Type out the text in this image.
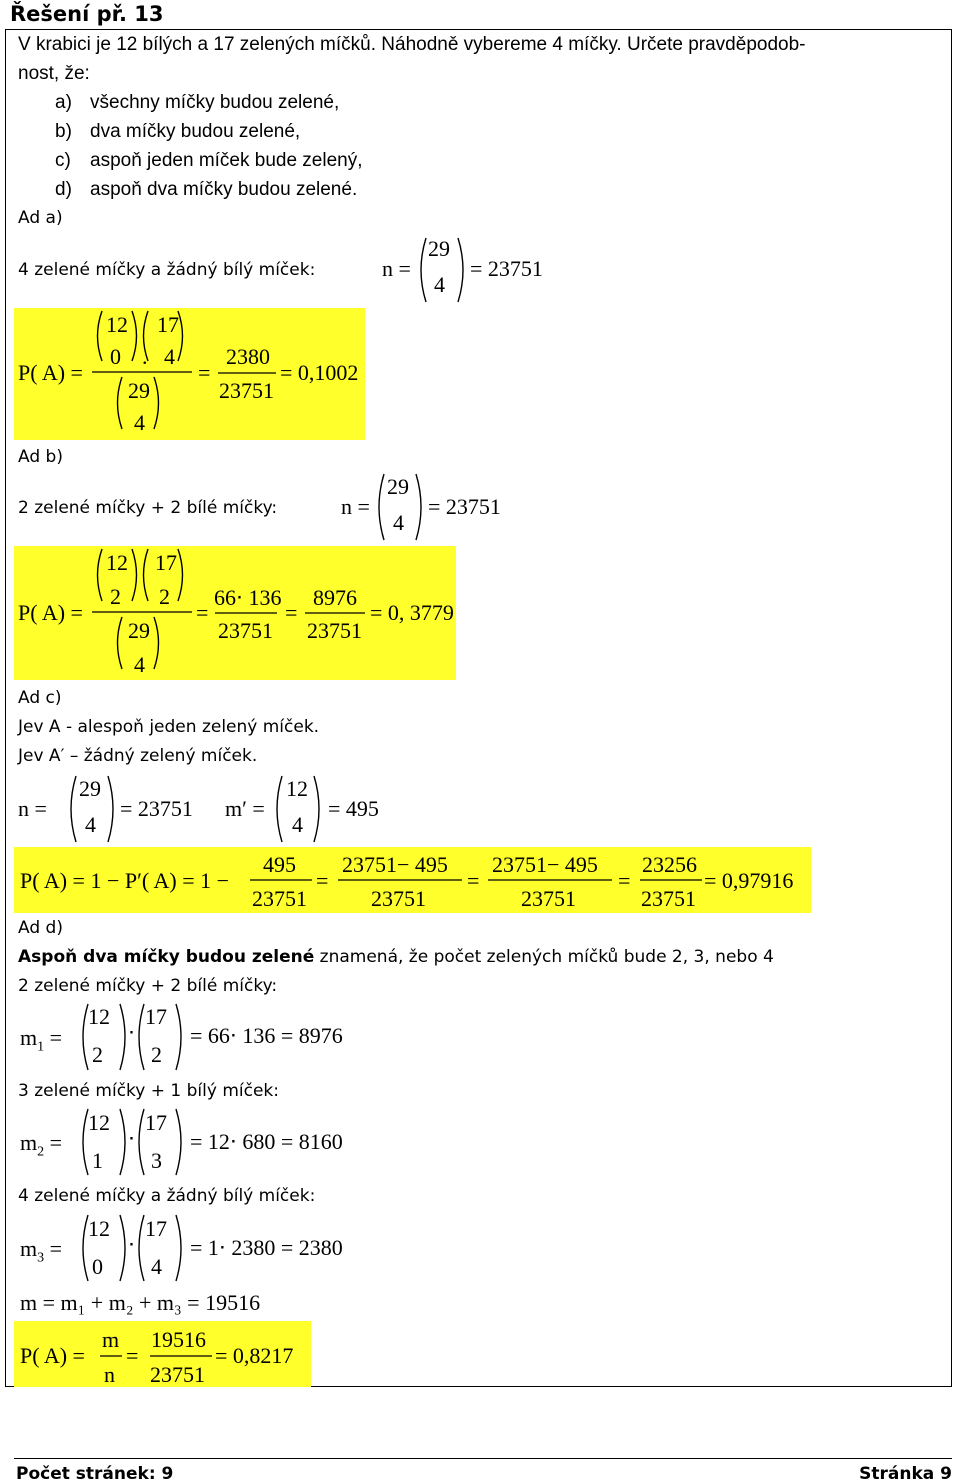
Řešení př. 13
V krabici je 12 bílých a 17 zelených míčků. Náhodně vybereme 4 míčky. Určete pravděpodob-
nost, že:
a) všechny míčky budou zelené,
b) dva míčky budou zelené,
c) aspoň jeden míček bude zelený,
d) aspoň dva míčky budou zelené.
Ad a)
4 zelené míčky a žádný bílý míček:	n =
29
4
= 23751
P( A) =
12
0 .
17
4
29
4
=
2380
23751
= 0,1002
Ad b)
2 zelené míčky + 2 bílé míčky:	n =
29
4
= 23751
P( A) =
12
2
17
2
29
4
=
66⋅ 136
23751
=
8976
23751
= 0, 3779
Ad c)
Jev A - alespoň jeden zelený míček.
Jev A′ – žádný zelený míček.
n =
29
4
= 23751 m′ =
12
4
= 495
P( A) = 1 − P′( A) = 1 −
495
23751
=
23751− 495
23751
=
23751− 495
23751
=
23256
23751
= 0,97916
Ad d)
Aspoň dva míčky budou zelené znamená, že počet zelených míčků bude 2, 3, nebo 4
2 zelené míčky + 2 bílé míčky:
$m_1$ =
12
2
⋅
17
2
= 66⋅ 136 = 8976
3 zelené míčky + 1 bílý míček:
$m_2$ =
12
1
⋅
17
3
= 12⋅ 680 = 8160
4 zelené míčky a žádný bílý míček:
$m_3$ =
12
0
⋅
17
4
= 1⋅ 2380 = 2380
m = m₁ + m₂ + m₃ = 19516
P( A) =
m
n
=
19516
23751
= 0,8217
Počet stránek: 9	Stránka 9
